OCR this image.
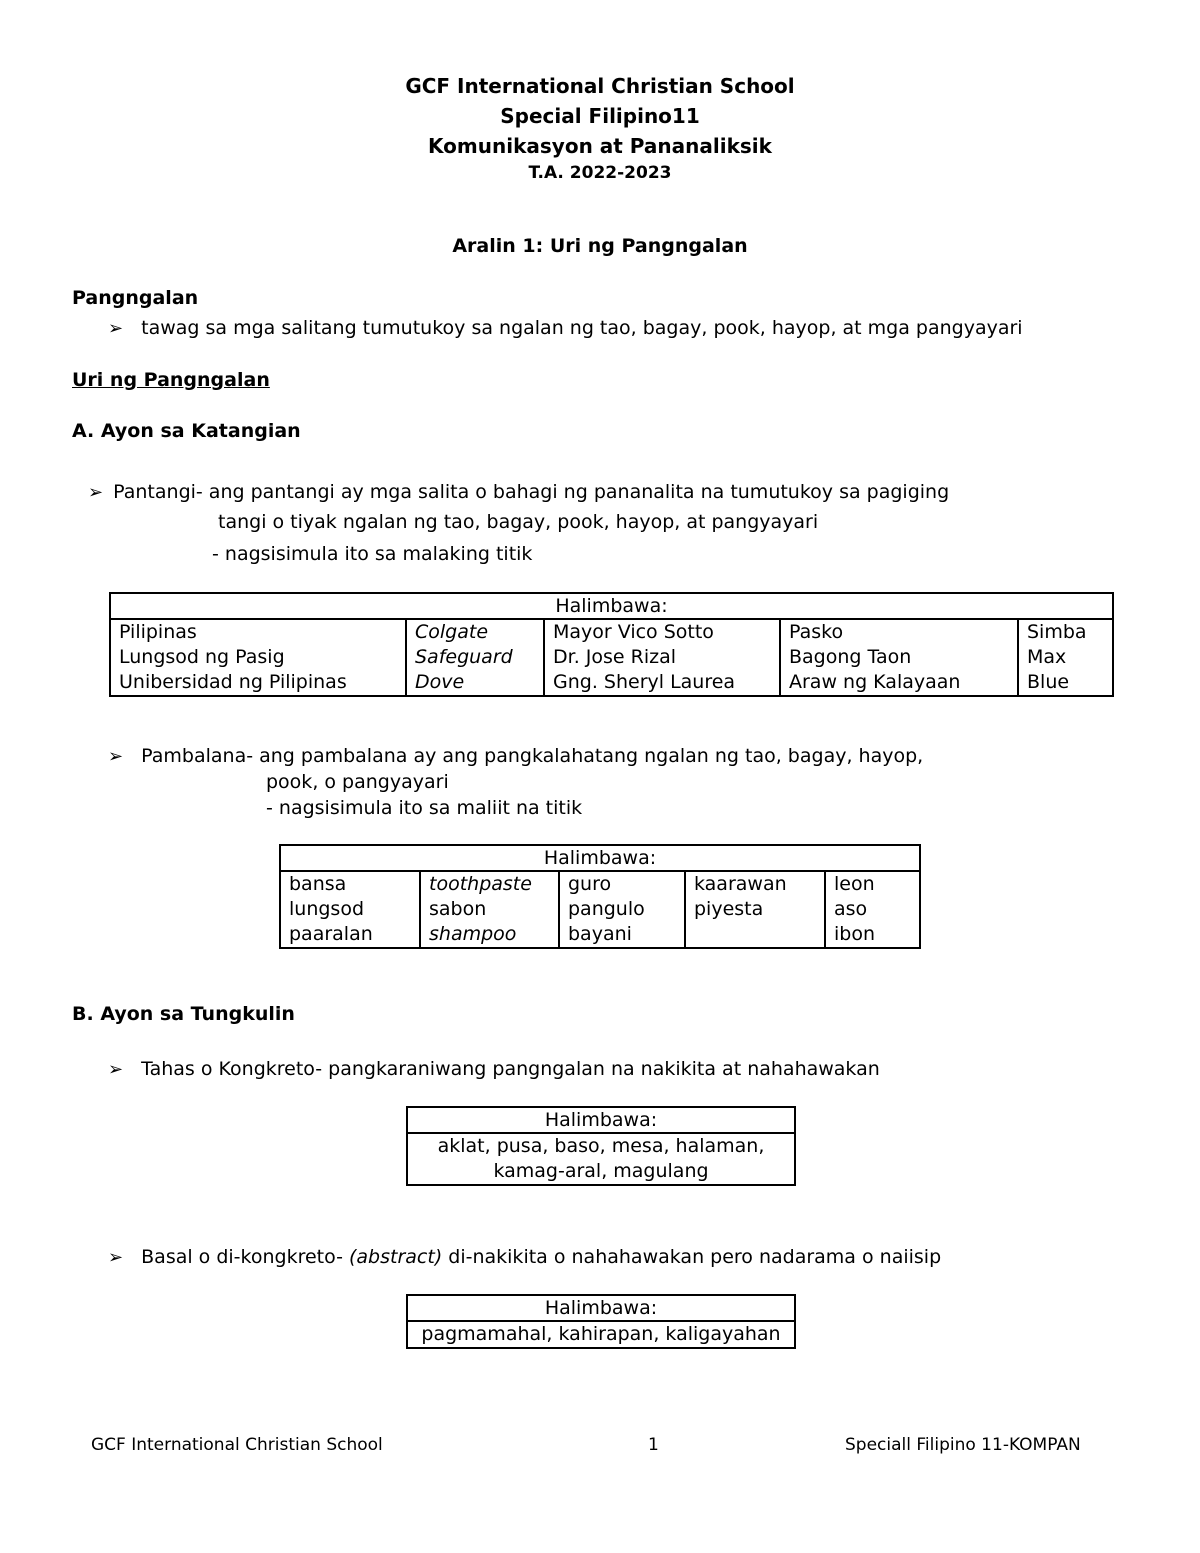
GCF International Christian School
Special Filipino11
Komunikasyon at Pananaliksik
T.A. 2022-2023
Aralin 1: Uri ng Pangngalan
Pangngalan
➢ tawag sa mga salitang tumutukoy sa ngalan ng tao, bagay, pook, hayop, at mga pangyayari
Uri ng Pangngalan
A. Ayon sa Katangian
➢ Pantangi- ang pantangi ay mga salita o bahagi ng pananalita na tumutukoy sa pagiging
tangi o tiyak ngalan ng tao, bagay, pook, hayop, at pangyayari
- nagsisimula ito sa malaking titik
Halimbawa:

Pilipinas
Lungsod ng Pasig
Unibersidad ng Pilipinas

Colgate
Safeguard
Dove

Mayor Vico Sotto
Dr. Jose Rizal
Gng. Sheryl Laurea

Pasko
Bagong Taon
Araw ng Kalayaan

Simba
Max
Blue
➢ Pambalana- ang pambalana ay ang pangkalahatang ngalan ng tao, bagay, hayop,
pook, o pangyayari
- nagsisimula ito sa maliit na titik
Halimbawa:

bansa
lungsod
paaralan

toothpaste
sabon
shampoo

guro
pangulo
bayani

kaarawan
piyesta

leon
aso
ibon
B. Ayon sa Tungkulin
➢ Tahas o Kongkreto- pangkaraniwang pangngalan na nakikita at nahahawakan
Halimbawa:

aklat, pusa, baso, mesa, halaman,
kamag-aral, magulang
➢ Basal o di-kongkreto- (abstract) di-nakikita o nahahawakan pero nadarama o naiisip
Halimbawa:

pagmamahal, kahirapan, kaligayahan
GCF International Christian School	1	Speciall Filipino 11-KOMPAN
